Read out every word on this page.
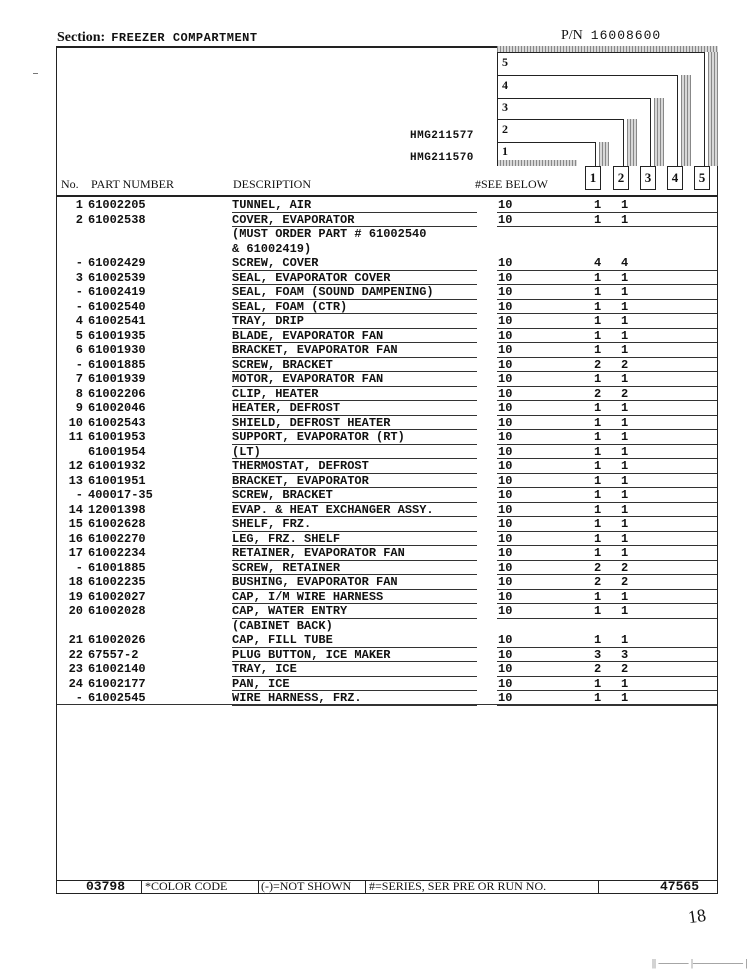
Section: FREEZER COMPARTMENT	P/N 16008600
5
4
3
2
1
HMG211577
HMG211570
1	2	3	4	5
No. PART NUMBER	DESCRIPTION	#SEE BELOW
1 61002205	TUNNEL, AIR	10	1 1
2 61002538	COVER, EVAPORATOR	10	1 1
(MUST ORDER PART # 61002540
& 61002419)
- 61002429	SCREW, COVER	10	4 4
3 61002539	SEAL, EVAPORATOR COVER	10	1 1
- 61002419	SEAL, FOAM (SOUND DAMPENING)	10	1 1
- 61002540	SEAL, FOAM (CTR)	10	1 1
4 61002541	TRAY, DRIP	10	1 1
5 61001935	BLADE, EVAPORATOR FAN	10	1 1
6 61001930	BRACKET, EVAPORATOR FAN	10	1 1
- 61001885	SCREW, BRACKET	10	2 2
7 61001939	MOTOR, EVAPORATOR FAN	10	1 1
8 61002206	CLIP, HEATER	10	2 2
9 61002046	HEATER, DEFROST	10	1 1
10 61002543	SHIELD, DEFROST HEATER	10	1 1
11 61001953	SUPPORT, EVAPORATOR (RT)	10	1 1
61001954	(LT)	10	1 1
12 61001932	THERMOSTAT, DEFROST	10	1 1
13 61001951	BRACKET, EVAPORATOR	10	1 1
- 400017-35	SCREW, BRACKET	10	1 1
14 12001398	EVAP. & HEAT EXCHANGER ASSY.	10	1 1
15 61002628	SHELF, FRZ.	10	1 1
16 61002270	LEG, FRZ. SHELF	10	1 1
17 61002234	RETAINER, EVAPORATOR FAN	10	1 1
- 61001885	SCREW, RETAINER	10	2 2
18 61002235	BUSHING, EVAPORATOR FAN	10	2 2
19 61002027	CAP, I/M WIRE HARNESS	10	1 1
20 61002028	CAP, WATER ENTRY	10	1 1
(CABINET BACK)
21 61002026	CAP, FILL TUBE	10	1 1
22 67557-2	PLUG BUTTON, ICE MAKER	10	3 3
23 61002140	TRAY, ICE	10	2 2
24 61002177	PAN, ICE	10	1 1
- 61002545	WIRE HARNESS, FRZ.	10	1 1
03798 *COLOR CODE	(-)=NOT SHOWN #=SERIES, SER PRE OR RUN NO.	47565
18
|| ——— |————— |
